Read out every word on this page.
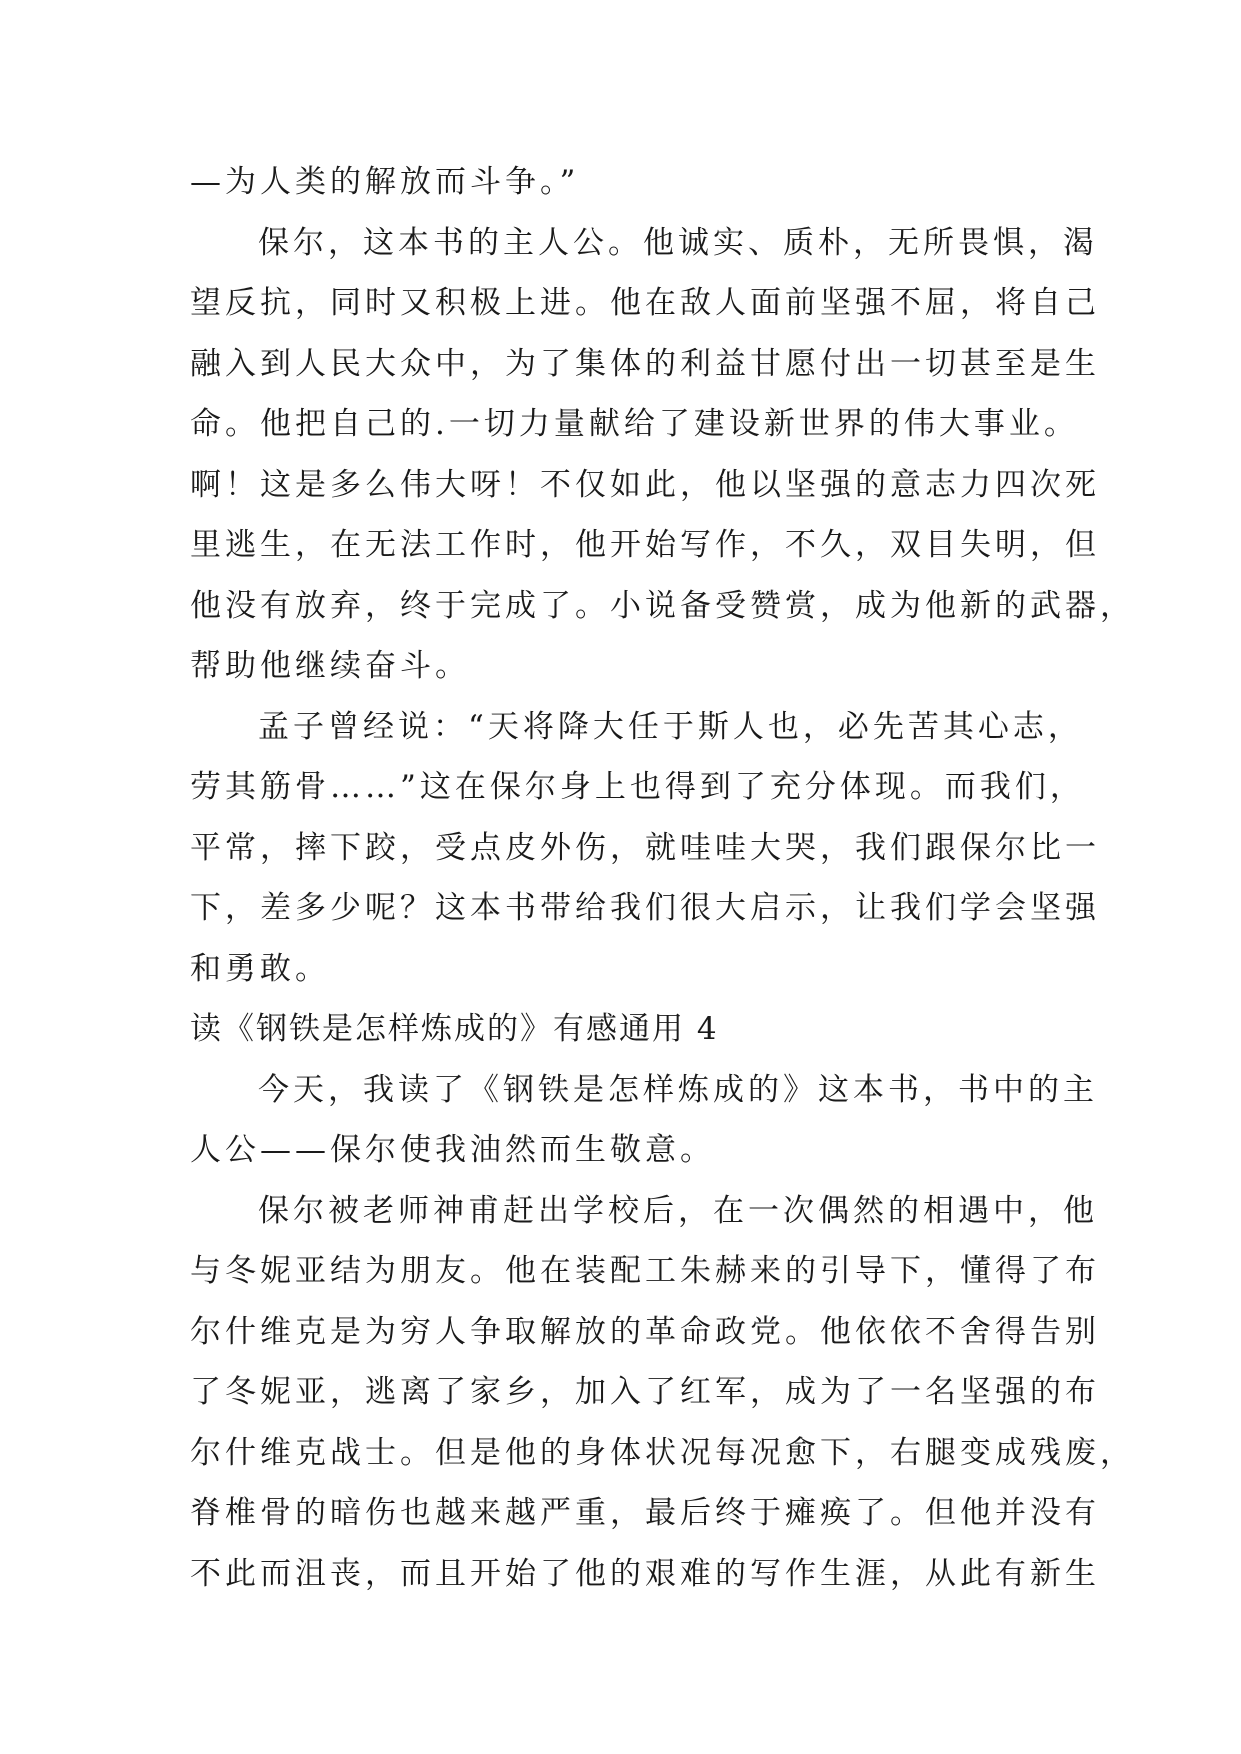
—为人类的解放而斗争。”
保尔，这本书的主人公。他诚实、质朴，无所畏惧，渴
望反抗，同时又积极上进。他在敌人面前坚强不屈，将自己
融入到人民大众中，为了集体的利益甘愿付出一切甚至是生
命。他把自己的.一切力量献给了建设新世界的伟大事业。
啊！这是多么伟大呀！不仅如此，他以坚强的意志力四次死
里逃生，在无法工作时，他开始写作，不久，双目失明，但
他没有放弃，终于完成了。小说备受赞赏，成为他新的武器，
帮助他继续奋斗。
孟子曾经说：“天将降大任于斯人也，必先苦其心志，
劳其筋骨……”这在保尔身上也得到了充分体现。而我们，
平常，摔下跤，受点皮外伤，就哇哇大哭，我们跟保尔比一
下，差多少呢？这本书带给我们很大启示，让我们学会坚强
和勇敢。
读《钢铁是怎样炼成的》有感通用 4
今天，我读了《钢铁是怎样炼成的》这本书，书中的主
人公——保尔使我油然而生敬意。
保尔被老师神甫赶出学校后，在一次偶然的相遇中，他
与冬妮亚结为朋友。他在装配工朱赫来的引导下，懂得了布
尔什维克是为穷人争取解放的革命政党。他依依不舍得告别
了冬妮亚，逃离了家乡，加入了红军，成为了一名坚强的布
尔什维克战士。但是他的身体状况每况愈下，右腿变成残废，
脊椎骨的暗伤也越来越严重，最后终于瘫痪了。但他并没有
不此而沮丧，而且开始了他的艰难的写作生涯，从此有新生
